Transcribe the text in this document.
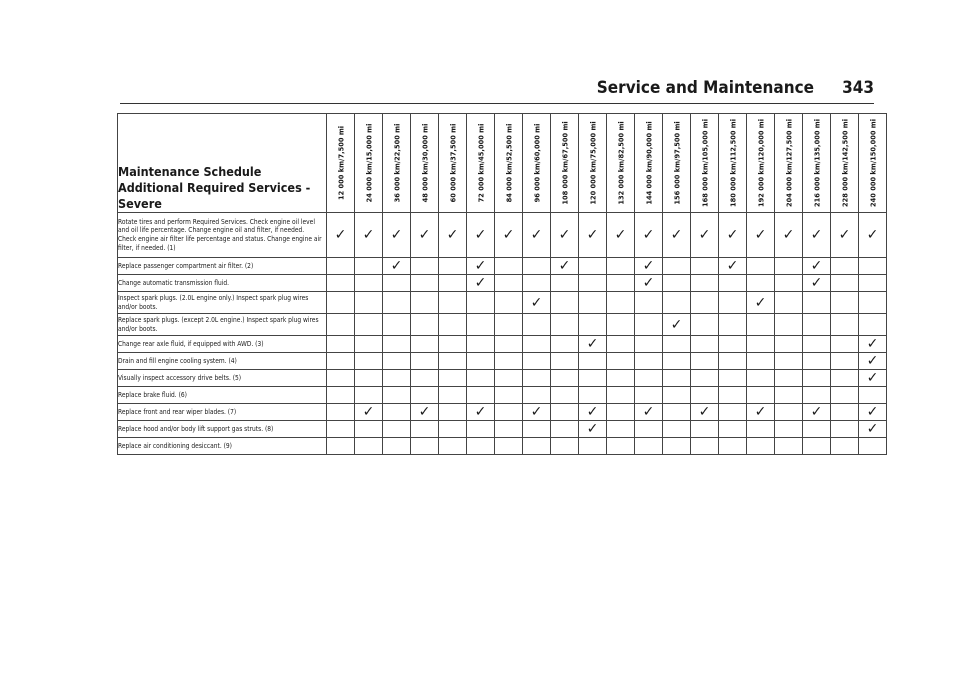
Service and Maintenance 343
Maintenance Schedule Additional Required Services - Severe	12 000 km/7,500 mi	24 000 km/15,000 mi	36 000 km/22,500 mi	48 000 km/30,000 mi	60 000 km/37,500 mi	72 000 km/45,000 mi	84 000 km/52,500 mi	96 000 km/60,000 mi	108 000 km/67,500 mi	120 000 km/75,000 mi	132 000 km/82,500 mi	144 000 km/90,000 mi	156 000 km/97,500 mi	168 000 km/105,000 mi	180 000 km/112,500 mi	192 000 km/120,000 mi	204 000 km/127,500 mi	216 000 km/135,000 mi	228 000 km/142,500 mi	240 000 km/150,000 mi

Rotate tires and perform Required Services. Check engine oil level and oil life percentage. Change engine oil and filter, if needed.
Check engine air filter life percentage and status. Change engine air filter, if needed. (1)	✓	✓	✓	✓	✓	✓	✓	✓	✓	✓	✓	✓	✓	✓	✓	✓	✓	✓	✓	✓
Replace passenger compartment air filter. (2)			✓			✓			✓			✓			✓			✓		
Change automatic transmission fluid.						✓						✓						✓		
Inspect spark plugs. (2.0L engine only.) Inspect spark plug wires and/or boots.								✓								✓				
Replace spark plugs. (except 2.0L engine.) Inspect spark plug wires and/or boots.													✓							
Change rear axle fluid, if equipped with AWD. (3)										✓										✓
Drain and fill engine cooling system. (4)																				✓
Visually inspect accessory drive belts. (5)																				✓
Replace brake fluid. (6)																				
Replace front and rear wiper blades. (7)		✓		✓		✓		✓		✓		✓		✓		✓		✓		✓
Replace hood and/or body lift support gas struts. (8)										✓										✓
Replace air conditioning desiccant. (9)																				
